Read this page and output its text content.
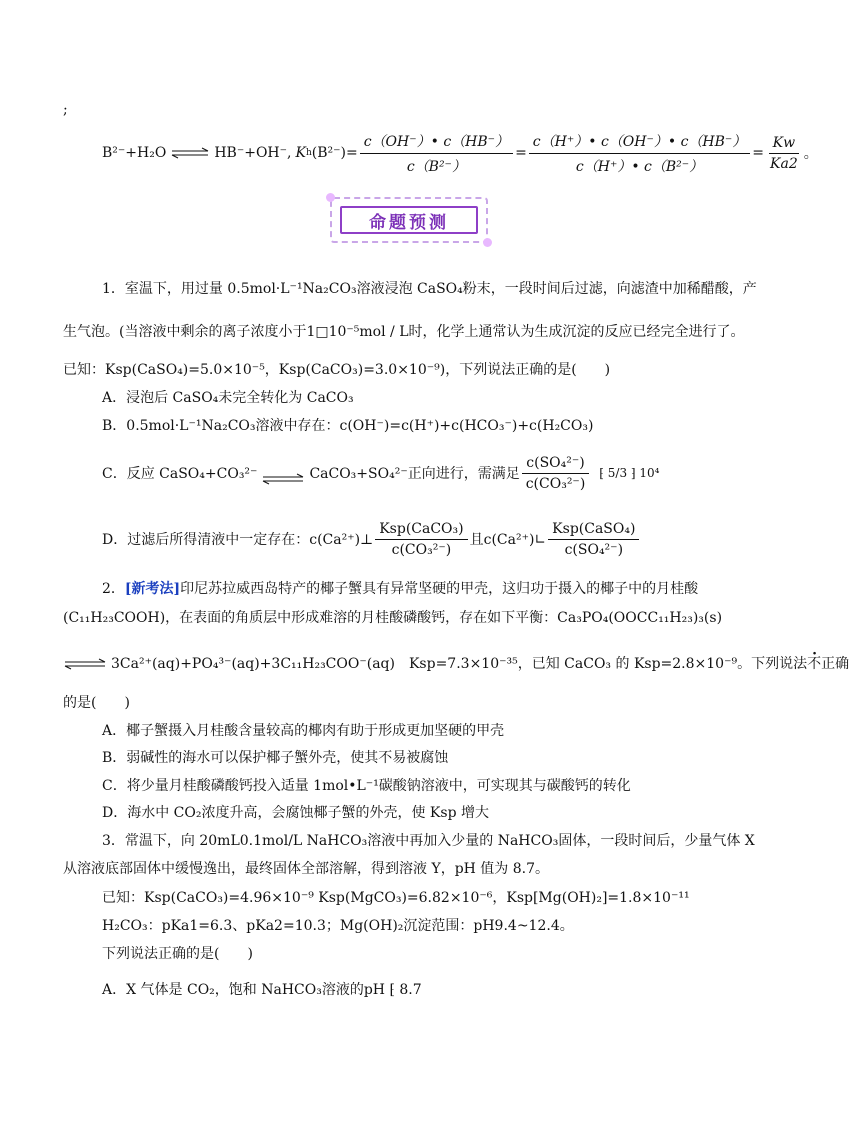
;
B²⁻+H₂O ⇌ HB⁻+OH⁻, K h $(B^{2-})= \frac{c(OH^-)• c(HB^-)}{\text{c（B²⁻）}} = \frac{c(H^+)• c(OH^-)• c(HB^-)}{\text{c（H⁺）• c（B²⁻）}} = \frac{Kw}{Ka2}$ 。
命题预测
1．室温下，用过量 0.5mol·L⁻¹Na₂CO₃溶液浸泡 CaSO₄粉末，一段时间后过滤，向滤渣中加稀醋酸，产
生气泡。(当溶液中剩余的离子浓度小于1□10⁻⁵mol / L时，化学上通常认为生成沉淀的反应已经完全进行了。
已知：Ksp(CaSO₄)=5.0×10⁻⁵，Ksp(CaCO₃)=3.0×10⁻⁹)，下列说法正确的是(　　)
A．浸泡后 CaSO₄未完全转化为 CaCO₃
B．0.5mol·L⁻¹Na₂CO₃溶液中存在：c(OH⁻)=c(H⁺)+c(HCO₃⁻)+c(H₂CO₃)
C．反应 CaSO₄+CO₃²⁻ ⇌ CaCO₃+SO₄²⁻正向进行，需满足 $\frac{\text{c(SO₄²⁻)}}{\text{c(CO₃²⁻)}}$ ⁅ 5/3 ⁆ 10⁴
D．过滤后所得清液中一定存在：c(Ca²⁺)⊥ $\frac{\text{Ksp(CaCO₃)}}{\text{c(CO₃²⁻)}}$ 且c(Ca²⁺)∟ $\frac{\text{Ksp(CaSO₄)}}{\text{c(SO₄²⁻)}}$
2．[新考法]印尼苏拉威西岛特产的椰子蟹具有异常坚硬的甲壳，这归功于摄入的椰子中的月桂酸
(C₁₁H₂₃COOH)，在表面的角质层中形成难溶的月桂酸磷酸钙，存在如下平衡：Ca₃PO₄(OOCC₁₁H₂₃)₃(s)
⇌ 3Ca²⁺(aq)+PO₄³⁻(aq)+3C₁₁H₂₃COO⁻(aq)　Ksp=7.3×10⁻³⁵，已知 CaCO₃ 的 Ksp=2.8×10⁻⁹。下列说法 · 不正确
的是(　　)
A．椰子蟹摄入月桂酸含量较高的椰肉有助于形成更加坚硬的甲壳
B．弱碱性的海水可以保护椰子蟹外壳，使其不易被腐蚀
C．将少量月桂酸磷酸钙投入适量 1mol•L⁻¹碳酸钠溶液中，可实现其与碳酸钙的转化
D．海水中 CO₂浓度升高，会腐蚀椰子蟹的外壳，使 Ksp 增大
3．常温下，向 20mL0.1mol/L NaHCO₃溶液中再加入少量的 NaHCO₃固体，一段时间后，少量气体 X
从溶液底部固体中缓慢逸出，最终固体全部溶解，得到溶液 Y，pH 值为 8.7。
已知：Ksp(CaCO₃)=4.96×10⁻⁹ Ksp(MgCO₃)=6.82×10⁻⁶，Ksp[Mg(OH)₂]=1.8×10⁻¹¹
H₂CO₃：pKa1=6.3、pKa2=10.3；Mg(OH)₂沉淀范围：pH9.4~12.4。
下列说法正确的是(　　)
A．X 气体是 CO₂，饱和 NaHCO₃溶液的pH ⁅ 8.7
